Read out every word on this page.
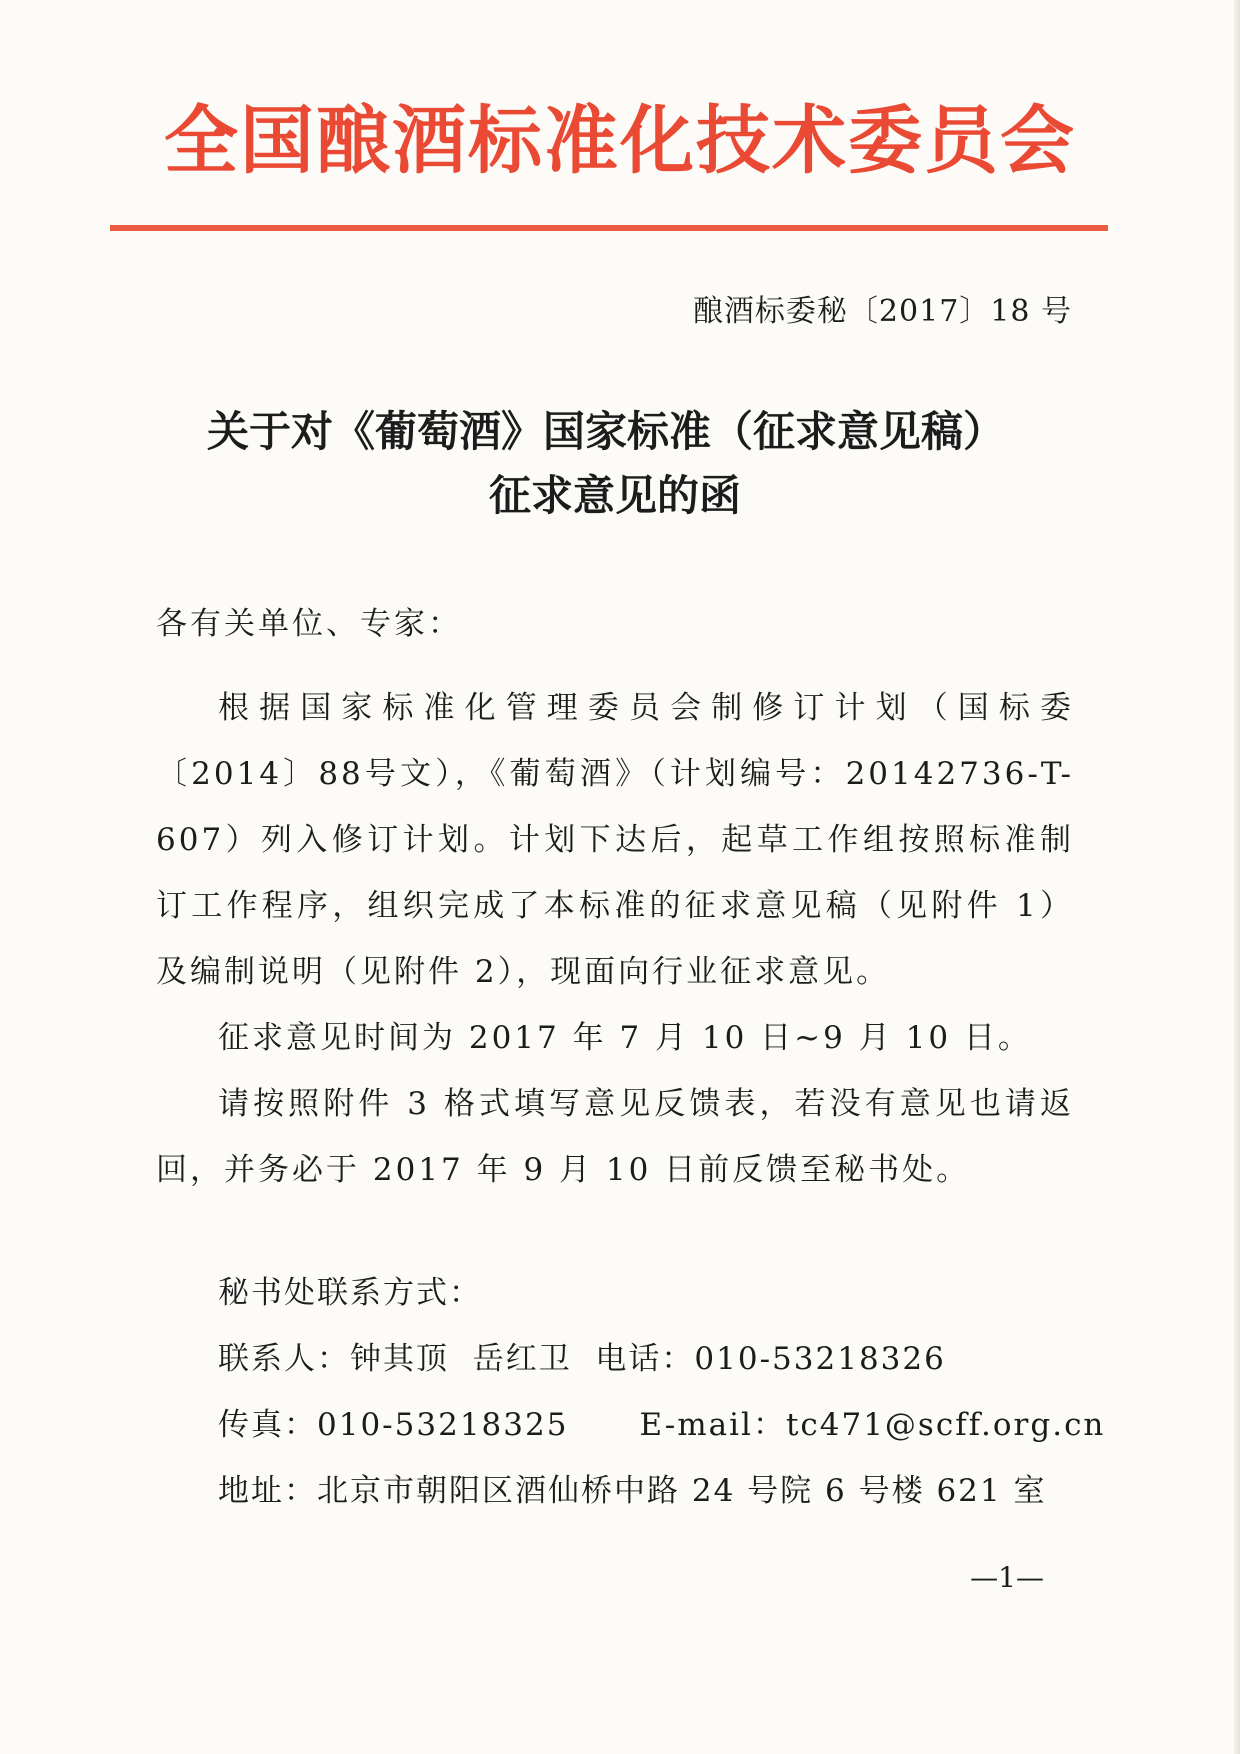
全国酿酒标准化技术委员会
酿酒标委秘〔2017〕18 号
关于对《葡萄酒》国家标准（征求意见稿）
征求意见的函
各有关单位、专家：

根据国家标准化管理委员会制修订计划（国标委〔2014〕88号文），《葡萄酒》（计划编号：20142736-T-607）列入修订计划。计划下达后，起草工作组按照标准制订工作程序，组织完成了本标准的征求意见稿（见附件 1）及编制说明（见附件 2），现面向行业征求意见。

征求意见时间为 2017 年 7 月 10 日~9 月 10 日。

请按照附件 3 格式填写意见反馈表，若没有意见也请返回，并务必于 2017 年 9 月 10 日前反馈至秘书处。

秘书处联系方式：
联系人：钟其顶  岳红卫  电话：010-53218326
传真：010-53218325      E-mail：tc471@scff.org.cn
地址：北京市朝阳区酒仙桥中路 24 号院 6 号楼 621 室
—1—
